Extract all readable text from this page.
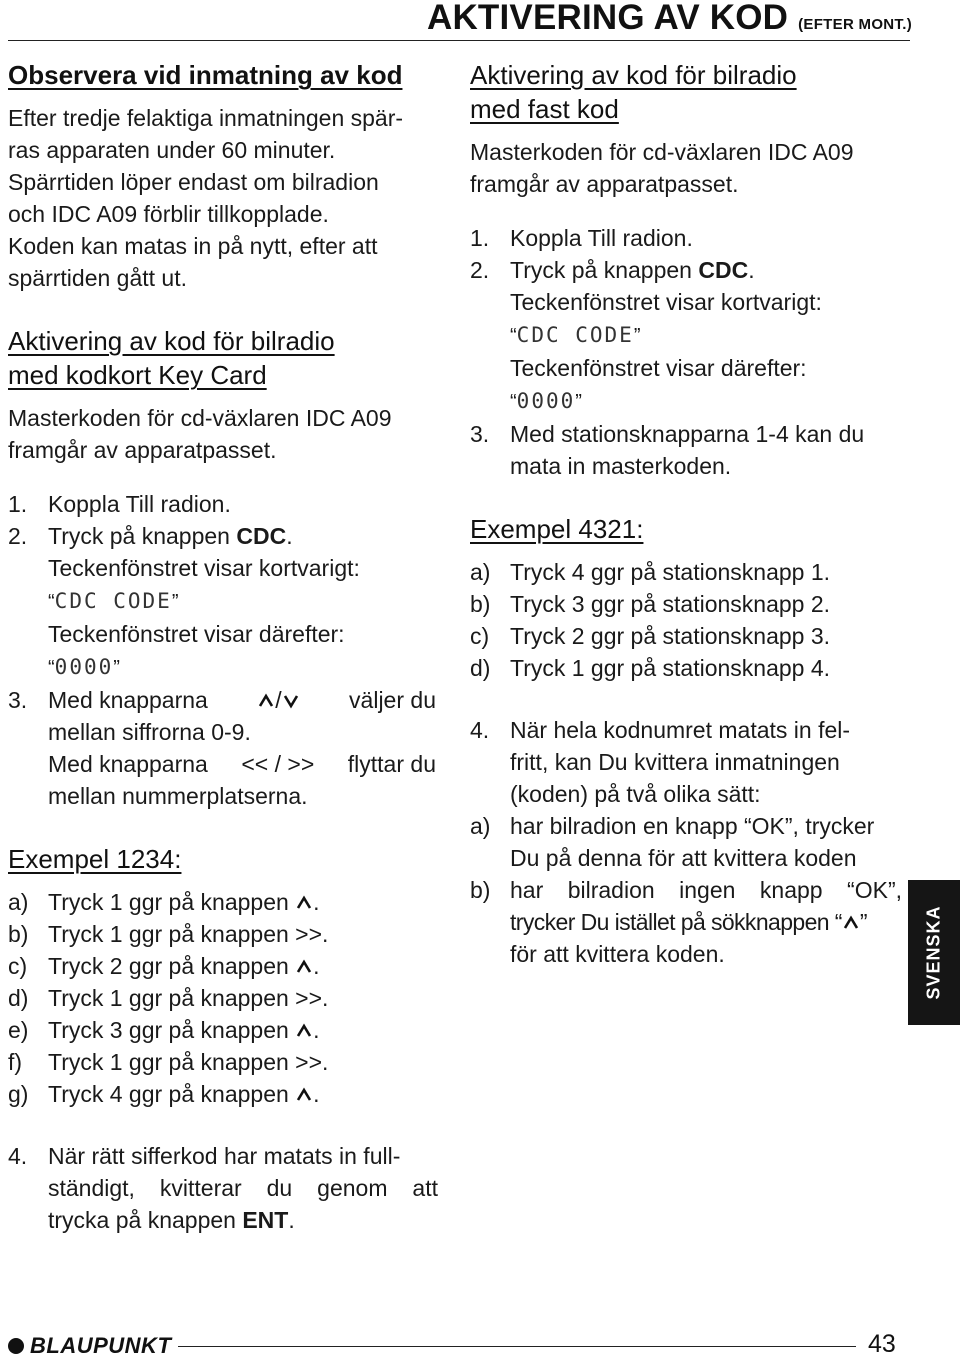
AKTIVERING AV KOD (EFTER MONT.)
Observera vid inmatning av kod

Efter tredje felaktiga inmatningen spär-

ras apparaten under 60 minuter.

Spärrtiden löper endast om bilradion

och IDC A09 förblir tillkopplade.

Koden kan matas in på nytt, efter att

spärrtiden gått ut.

Aktivering av kod för bilradio
med kodkort Key Card

Masterkoden för cd-växlaren IDC A09

framgår av apparatpasset.

1. Koppla Till radion.
2. Tryck på knappen CDC.
Teckenfönstret visar kortvarigt:
“CDC CODE”
Teckenfönstret visar därefter:
“0000”
3. Med knapparna	/	väljer du
mellan siffrorna 0-9.
Med knapparna << / >> flyttar du
mellan nummerplatserna.
Exempel 1234:
a) Tryck 1 ggr på knappen
.
b) Tryck 1 ggr på knappen >>.
c) Tryck 2 ggr på knappen
.
d) Tryck 1 ggr på knappen >>.
e) Tryck 3 ggr på knappen
.
f) Tryck 1 ggr på knappen >>.
g) Tryck 4 ggr på knappen
.
4. När rätt sifferkod har matats in full-
ständigt, kvitterar du genom att
trycka på knappen ENT.
Aktivering av kod för bilradio
med fast kod

Masterkoden för cd-växlaren IDC A09

framgår av apparatpasset.

1. Koppla Till radion.
2. Tryck på knappen CDC.
Teckenfönstret visar kortvarigt:
“CDC CODE”
Teckenfönstret visar därefter:
“0000”
3. Med stationsknapparna 1-4 kan du
mata in masterkoden.
Exempel 4321:
a) Tryck 4 ggr på stationsknapp 1.
b) Tryck 3 ggr på stationsknapp 2.
c) Tryck 2 ggr på stationsknapp 3.
d) Tryck 1 ggr på stationsknapp 4.
4. När hela kodnumret matats in fel-
fritt, kan Du kvittera inmatningen
(koden) på två olika sätt:
a) har bilradion en knapp “OK”, trycker
Du på denna för att kvittera koden
b) har bilradion ingen knapp “OK”,
trycker Du istället på sökknappen “ ”
för att kvittera koden.	SVENSKA
BLAUPUNKT	43
